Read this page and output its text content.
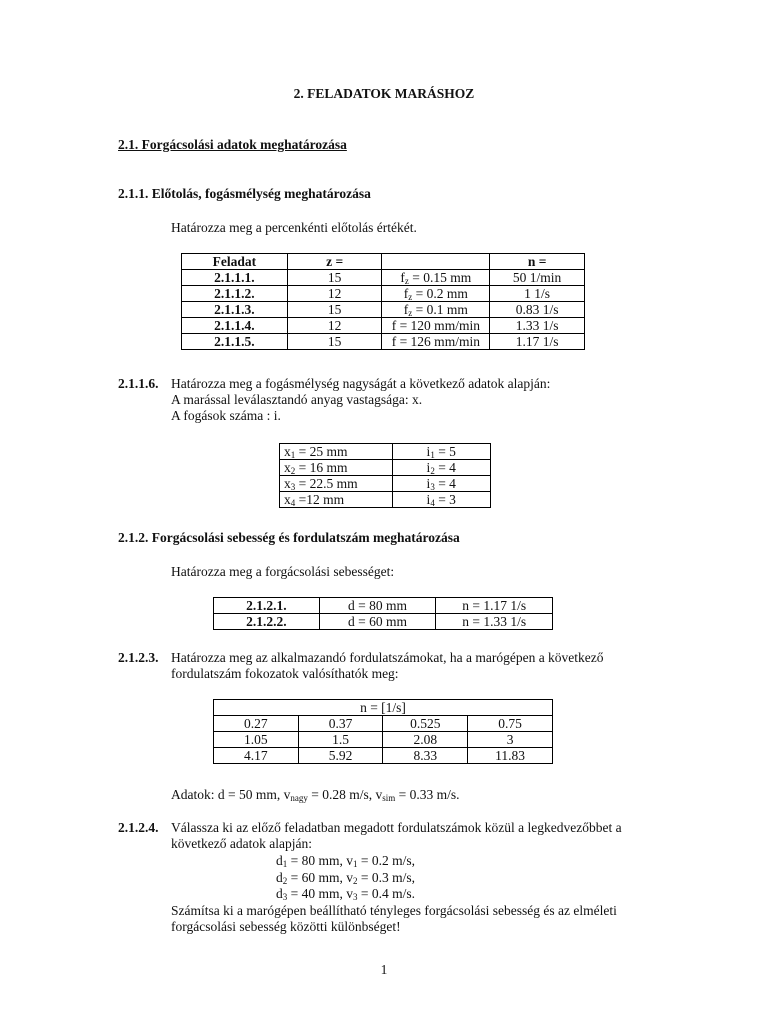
2. FELADATOK MARÁSHOZ
2.1. Forgácsolási adatok meghatározása
2.1.1. Előtolás, fogásmélység meghatározása
Határozza meg a percenkénti előtolás értékét.
Feladat	z =		n =
2.1.1.1.	15	$f_z = 0.15$ mm	50 1/min
2.1.1.2.	12	$f_z = 0.2$ mm	1 1/s
2.1.1.3.	15	$f_z = 0.1$ mm	0.83 1/s
2.1.1.4.	12	f = 120 mm/min	1.33 1/s
2.1.1.5.	15	f = 126 mm/min	1.17 1/s
2.1.1.6. Határozza meg a fogásmélység nagyságát a következő adatok alapján:
A marással leválasztandó anyag vastagsága: x.
A fogások száma : i.
$x_1 = 25$ mm	$i_1 = 5$
$x_2 = 16$ mm	$i_2 = 4$
$x_3 = 22.5$ mm	$i_3 = 4$
$x_4 =12$ mm	$i_4 = 3$
2.1.2. Forgácsolási sebesség és fordulatszám meghatározása
Határozza meg a forgácsolási sebességet:
2.1.2.1.	d = 80 mm	n = 1.17 1/s
2.1.2.2.	d = 60 mm	n = 1.33 1/s
2.1.2.3. Határozza meg az alkalmazandó fordulatszámokat, ha a marógépen a következő
fordulatszám fokozatok valósíthatók meg:
n = [1/s]			
0.27	0.37	0.525	0.75
1.05	1.5	2.08	3
4.17	5.92	8.33	11.83
Adatok: d = 50 mm, $v_{nagy} = 0.28$ m/s, $v_{sim} = 0.33$ m/s.
2.1.2.4. Válassza ki az előző feladatban megadott fordulatszámok közül a legkedvezőbbet a
következő adatok alapján:
$d_1 = 80$ mm, $v_1 = 0.2$ m/s,
$d_2 = 60$ mm, $v_2 = 0.3$ m/s,
$d_3 = 40$ mm, $v_3 = 0.4$ m/s.
Számítsa ki a marógépen beállítható tényleges forgácsolási sebesség és az elméleti
forgácsolási sebesség közötti különbséget!
1
